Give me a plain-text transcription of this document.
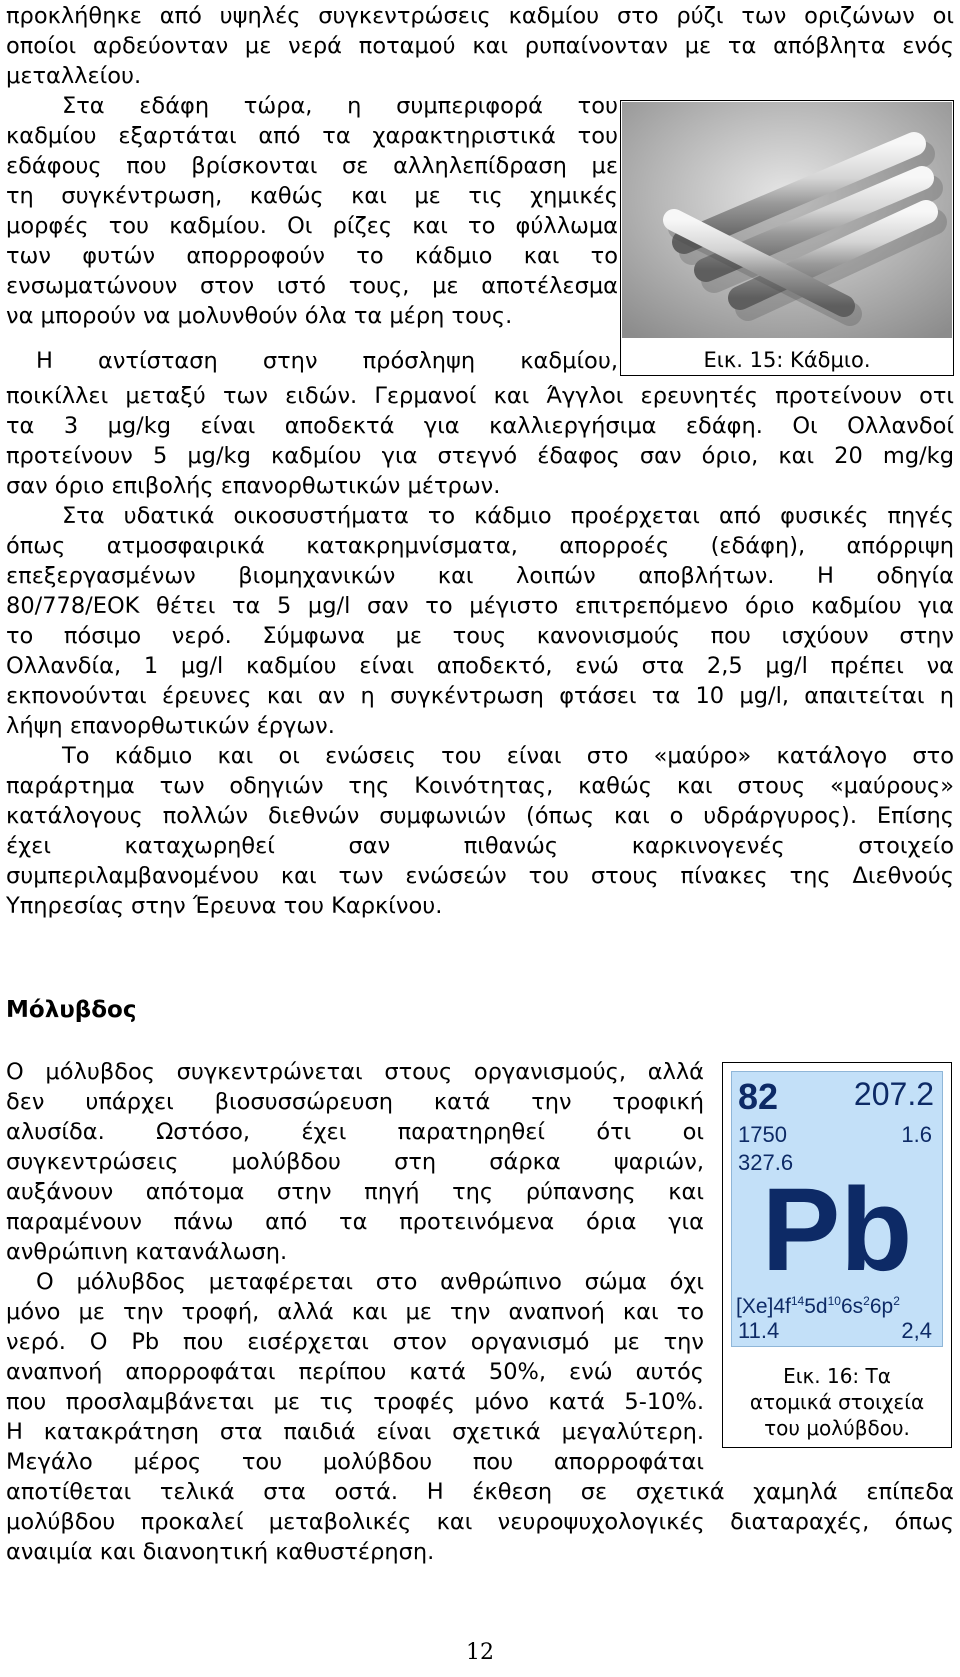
προκλήθηκε από υψηλές συγκεντρώσεις καδμίου στο ρύζι των οριζώνων οι
οποίοι αρδεύονταν με νερά ποταμού και ρυπαίνονταν με τα απόβλητα ενός
μεταλλείου.
Στα εδάφη τώρα, η συμπεριφορά του
καδμίου εξαρτάται από τα χαρακτηριστικά του
εδάφους που βρίσκονται σε αλληλεπίδραση με
τη συγκέντρωση, καθώς και με τις χημικές
μορφές του καδμίου. Οι ρίζες και το φύλλωμα
των φυτών απορροφούν το κάδμιο και το
ενσωματώνουν στον ιστό τους, με αποτέλεσμα
να μπορούν να μολυνθούν όλα τα μέρη τους.
Η αντίσταση στην πρόσληψη καδμίου,
ποικίλλει μεταξύ των ειδών. Γερμανοί και Άγγλοι ερευνητές προτείνουν οτι
τα 3 μg/kg είναι αποδεκτά για καλλιεργήσιμα εδάφη. Οι Ολλανδοί
προτείνουν 5 μg/kg καδμίου για στεγνό έδαφος σαν όριο, και 20 mg/kg
σαν όριο επιβολής επανορθωτικών μέτρων.
Στα υδατικά οικοσυστήματα το κάδμιο προέρχεται από φυσικές πηγές
όπως ατμοσφαιρικά κατακρημνίσματα, απορροές (εδάφη), απόρριψη
επεξεργασμένων βιομηχανικών και λοιπών αποβλήτων. Η οδηγία
80/778/ΕΟΚ θέτει τα 5 μg/l σαν το μέγιστο επιτρεπόμενο όριο καδμίου για
το πόσιμο νερό. Σύμφωνα με τους κανονισμούς που ισχύουν στην
Ολλανδία, 1 μg/l καδμίου είναι αποδεκτό, ενώ στα 2,5 μg/l πρέπει να
εκπονούνται έρευνες και αν η συγκέντρωση φτάσει τα 10 μg/l, απαιτείται η
λήψη επανορθωτικών έργων.
Το κάδμιο και οι ενώσεις του είναι στο «μαύρο» κατάλογο στο
παράρτημα των οδηγιών της Κοινότητας, καθώς και στους «μαύρους»
κατάλογους πολλών διεθνών συμφωνιών (όπως και ο υδράργυρος). Επίσης
έχει καταχωρηθεί σαν πιθανώς καρκινογενές στοιχείο
συμπεριλαμβανομένου και των ενώσεών του στους πίνακες της Διεθνούς
Υπηρεσίας στην Έρευνα του Καρκίνου.
Εικ. 15: Κάδμιο.
Μόλυβδος
Ο μόλυβδος συγκεντρώνεται στους οργανισμούς, αλλά
δεν υπάρχει βιοσυσσώρευση κατά την τροφική
αλυσίδα. Ωστόσο, έχει παρατηρηθεί ότι οι
συγκεντρώσεις μολύβδου στη σάρκα ψαριών,
αυξάνουν απότομα στην πηγή της ρύπανσης και
παραμένουν πάνω από τα προτεινόμενα όρια για
ανθρώπινη κατανάλωση.
Ο μόλυβδος μεταφέρεται στο ανθρώπινο σώμα όχι
μόνο με την τροφή, αλλά και με την αναπνοή και το
νερό. Ο Pb που εισέρχεται στον οργανισμό με την
αναπνοή απορροφάται περίπου κατά 50%, ενώ αυτός
που προσλαμβάνεται με τις τροφές μόνο κατά 5-10%.
Η κατακράτηση στα παιδιά είναι σχετικά μεγαλύτερη.
Μεγάλο μέρος του μολύβδου που απορροφάται
αποτίθεται τελικά στα οστά. Η έκθεση σε σχετικά χαμηλά επίπεδα
μολύβδου προκαλεί μεταβολικές και νευροψυχολογικές διαταραχές, όπως
αναιμία και διανοητική καθυστέρηση.
82 207.2
1750	1.6
327.6
Pb
$[Xe]4f^{14}5d^{10}6s^26p^2$
11.4	2,4
Εικ. 16: Τα
ατομικά στοιχεία
του μολύβδου.
12
